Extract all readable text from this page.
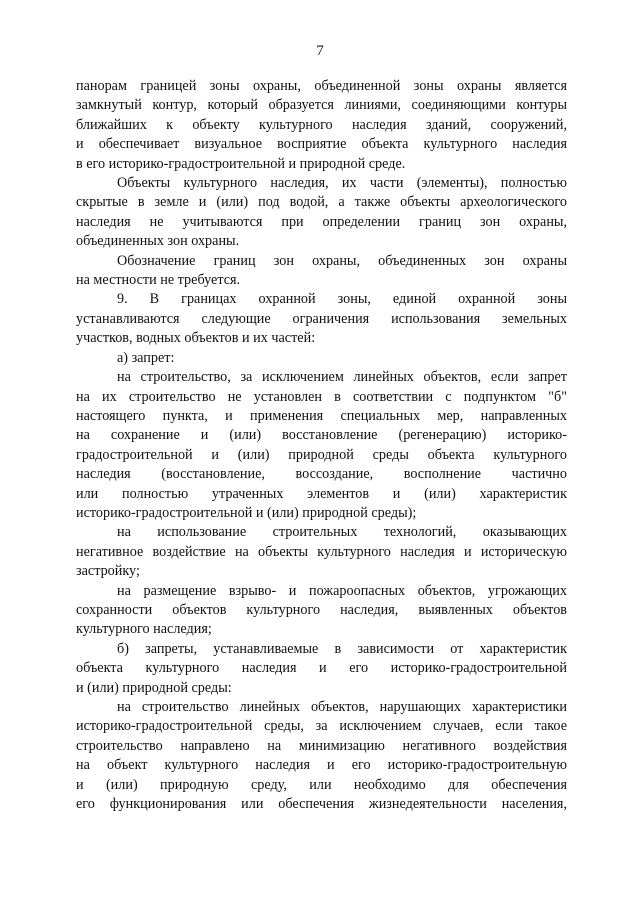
7

панорам границей зоны охраны, объединенной зоны охраны является

замкнутый контур, который образуется линиями, соединяющими контуры

ближайших к объекту культурного наследия зданий, сооружений,

и обеспечивает визуальное восприятие объекта культурного наследия

в его историко-градостроительной и природной среде.

Объекты культурного наследия, их части (элементы), полностью

скрытые в земле и (или) под водой, а также объекты археологического

наследия не учитываются при определении границ зон охраны,

объединенных зон охраны.

Обозначение границ зон охраны, объединенных зон охраны

на местности не требуется.

9. В границах охранной зоны, единой охранной зоны

устанавливаются следующие ограничения использования земельных

участков, водных объектов и их частей:

а) запрет:

на строительство, за исключением линейных объектов, если запрет

на их строительство не установлен в соответствии с подпунктом "б"

настоящего пункта, и применения специальных мер, направленных

на сохранение и (или) восстановление (регенерацию) историко-

градостроительной и (или) природной среды объекта культурного

наследия (восстановление, воссоздание, восполнение частично

или полностью утраченных элементов и (или) характеристик

историко-градостроительной и (или) природной среды);

на использование строительных технологий, оказывающих

негативное воздействие на объекты культурного наследия и историческую

застройку;

на размещение взрыво- и пожароопасных объектов, угрожающих

сохранности объектов культурного наследия, выявленных объектов

культурного наследия;

б) запреты, устанавливаемые в зависимости от характеристик

объекта культурного наследия и его историко-градостроительной

и (или) природной среды:

на строительство линейных объектов, нарушающих характеристики

историко-градостроительной среды, за исключением случаев, если такое

строительство направлено на минимизацию негативного воздействия

на объект культурного наследия и его историко-градостроительную

и (или) природную среду, или необходимо для обеспечения

его функционирования или обеспечения жизнедеятельности населения,
